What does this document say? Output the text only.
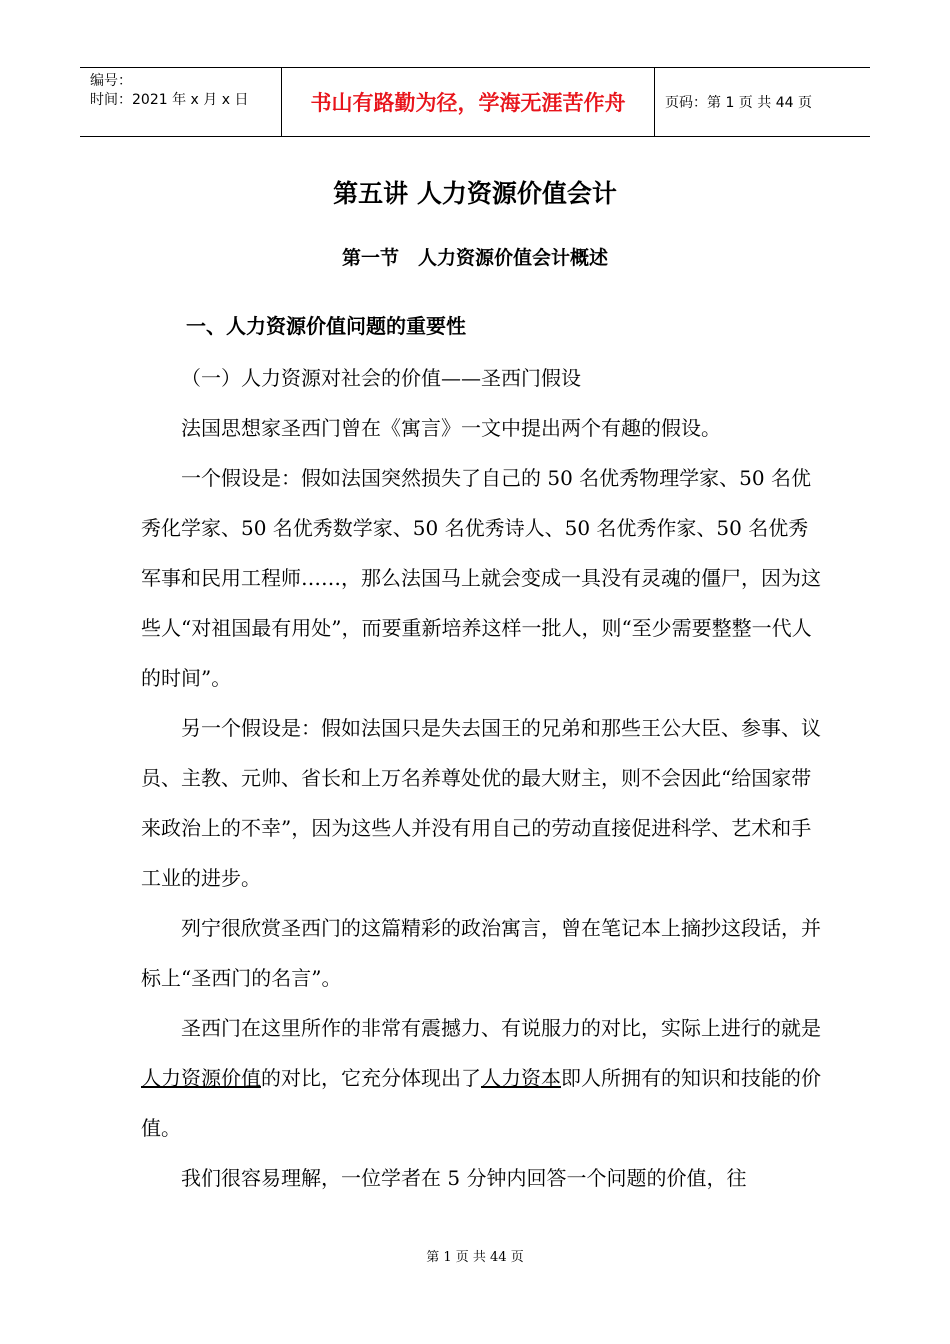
编号：
时间：2021 年 x 月 x 日	书山有路勤为径，学海无涯苦作舟	页码：第 1 页 共 44 页
第五讲 人力资源价值会计
第一节　人力资源价值会计概述
一、人力资源价值问题的重要性

（一）人力资源对社会的价值——圣西门假设

法国思想家圣西门曾在《寓言》一文中提出两个有趣的假设。

一个假设是：假如法国突然损失了自己的 50 名优秀物理学家、50 名优秀化学家、50 名优秀数学家、50 名优秀诗人、50 名优秀作家、50 名优秀军事和民用工程师……，那么法国马上就会变成一具没有灵魂的僵尸，因为这些人“对祖国最有用处”，而要重新培养这样一批人，则“至少需要整整一代人的时间”。

另一个假设是：假如法国只是失去国王的兄弟和那些王公大臣、参事、议员、主教、元帅、省长和上万名养尊处优的最大财主，则不会因此“给国家带来政治上的不幸”，因为这些人并没有用自己的劳动直接促进科学、艺术和手工业的进步。

列宁很欣赏圣西门的这篇精彩的政治寓言，曾在笔记本上摘抄这段话，并标上“圣西门的名言”。

圣西门在这里所作的非常有震撼力、有说服力的对比，实际上进行的就是人力资源价值的对比，它充分体现出了人力资本即人所拥有的知识和技能的价值。

我们很容易理解，一位学者在 5 分钟内回答一个问题的价值，往

第 1 页 共 44 页
